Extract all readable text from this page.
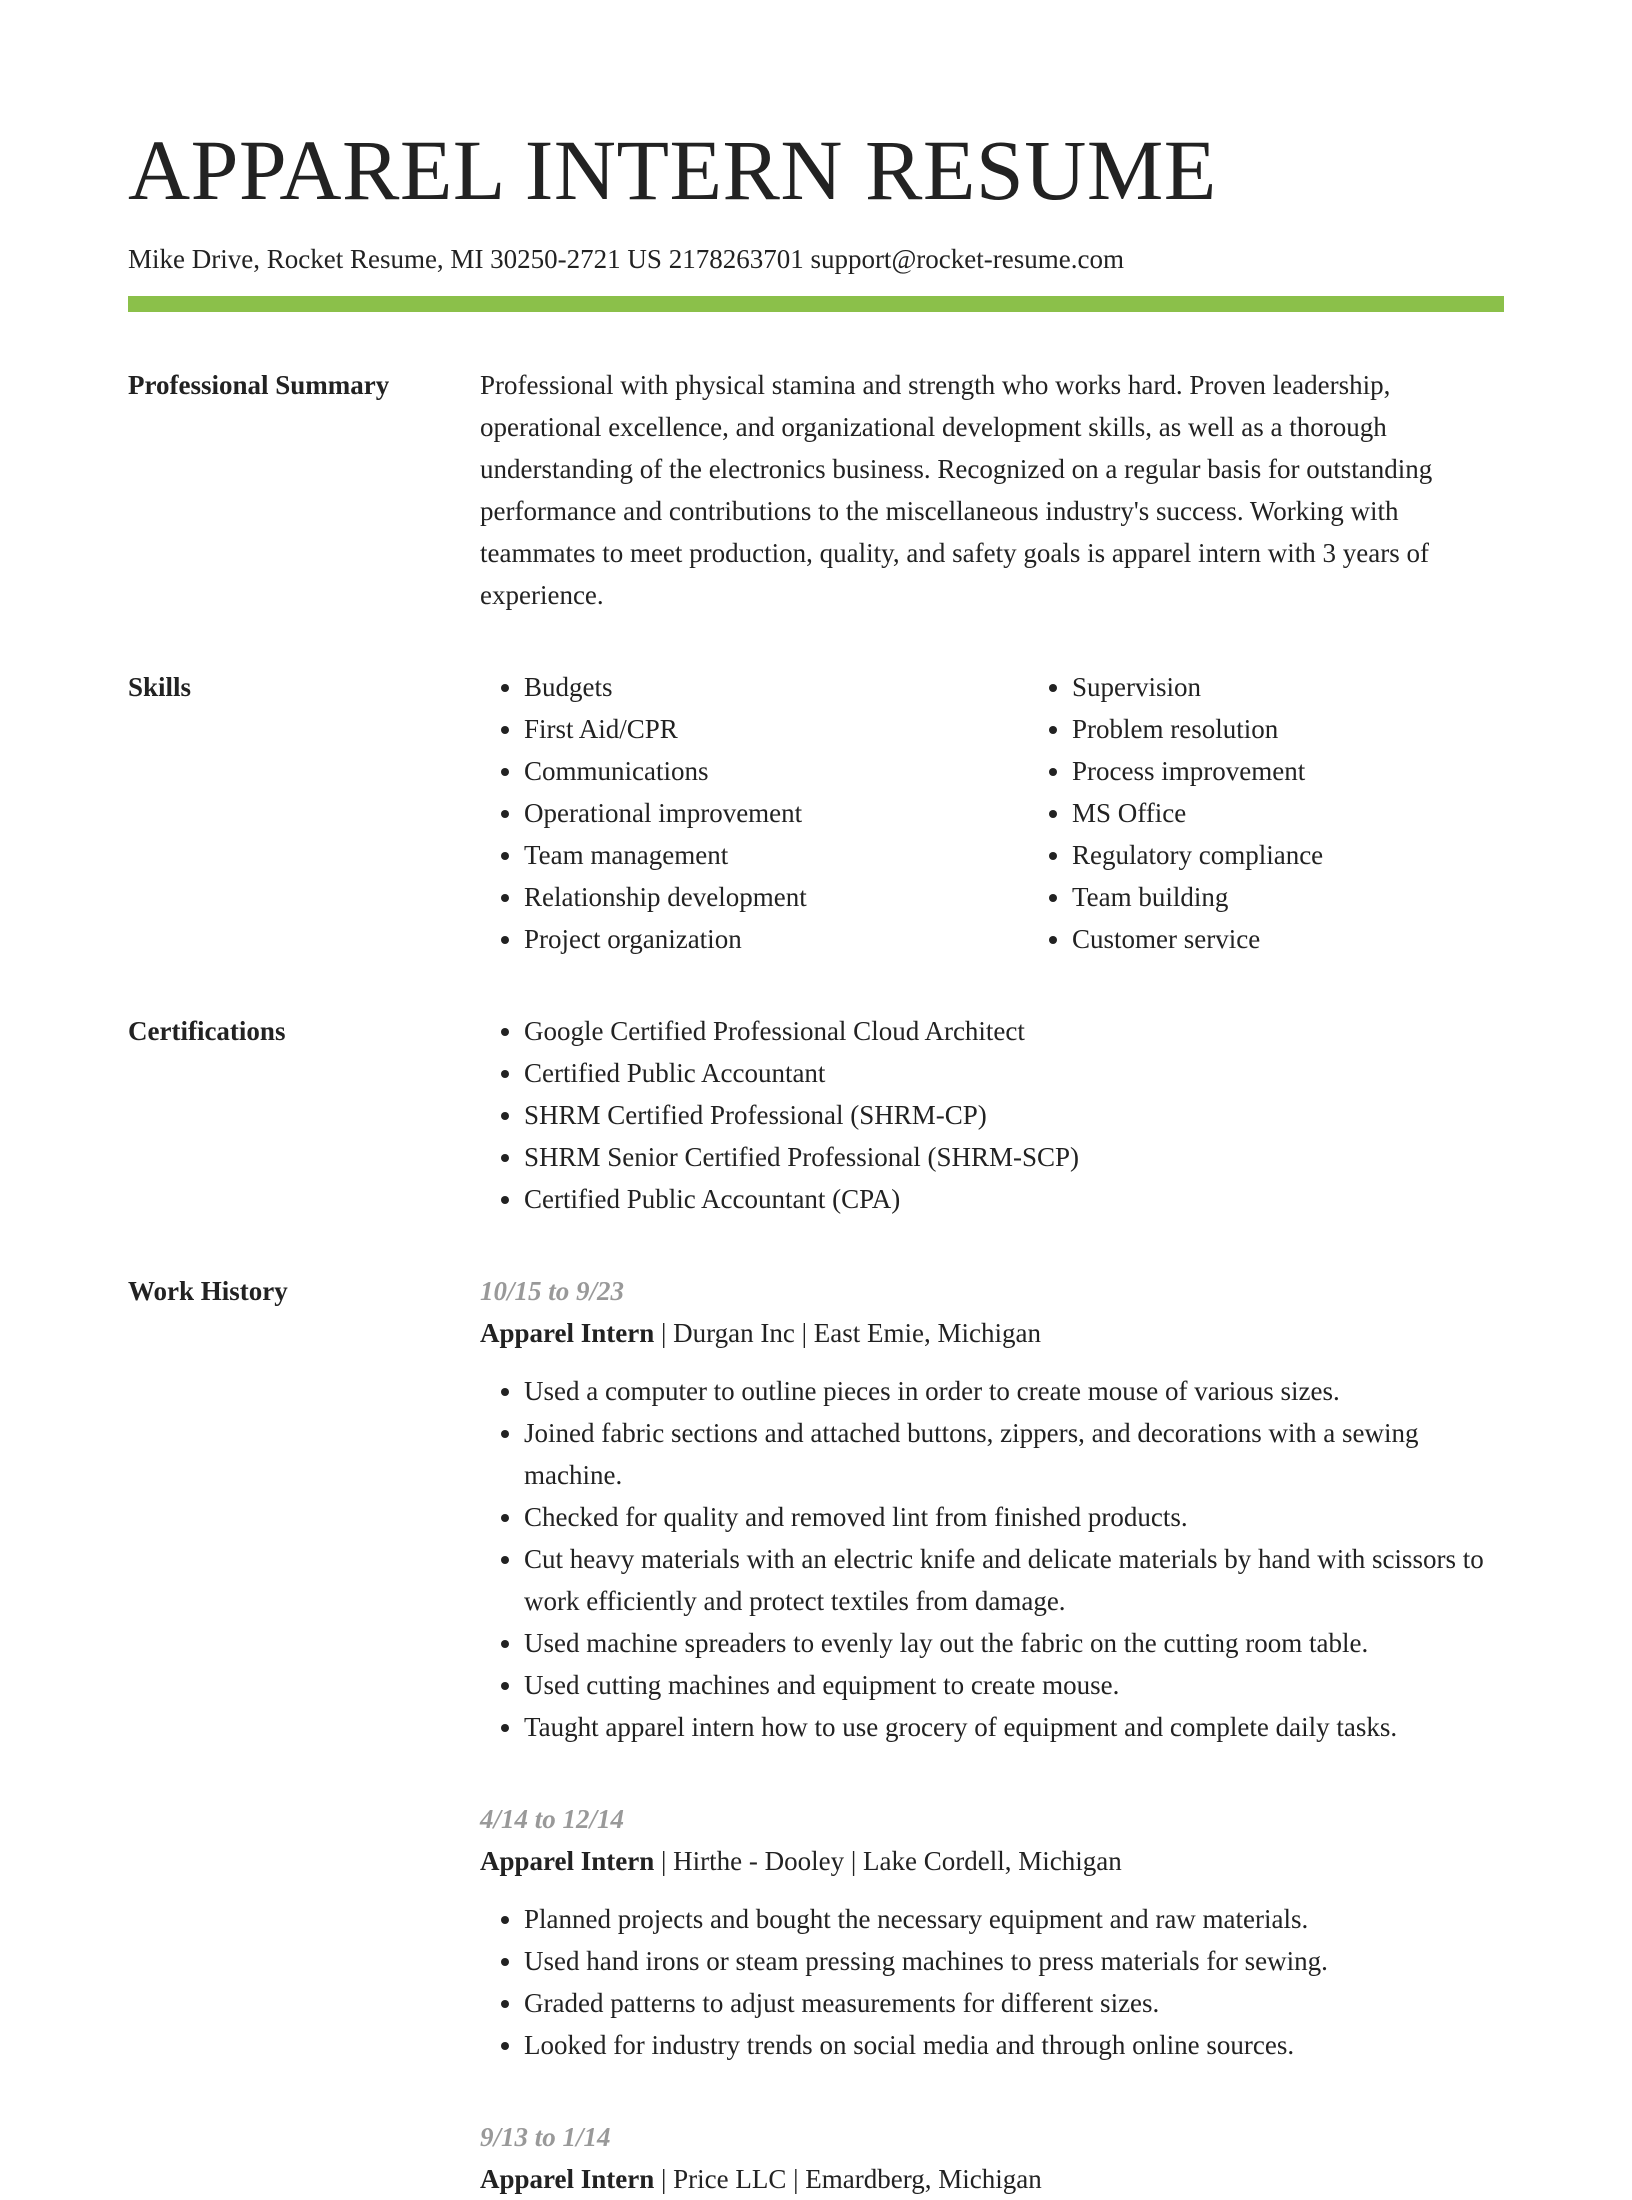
APPAREL INTERN RESUME
Mike Drive, Rocket Resume, MI 30250-2721 US 2178263701 support@rocket-resume.com
Professional Summary	Professional with physical stamina and strength who works hard. Proven leadership, operational excellence, and organizational development skills, as well as a thorough understanding of the electronics business. Recognized on a regular basis for outstanding performance and contributions to the miscellaneous industry's success. Working with teammates to meet production, quality, and safety goals is apparel intern with 3 years of experience.

Skills	• Budgets
• First Aid/CPR
• Communications
• Operational improvement
• Team management
• Relationship development
• Project organization
• Supervision
• Problem resolution
• Process improvement
• MS Office
• Regulatory compliance
• Team building
• Customer service
Certifications	• Google Certified Professional Cloud Architect
• Certified Public Accountant
• SHRM Certified Professional (SHRM-CP)
• SHRM Senior Certified Professional (SHRM-SCP)
• Certified Public Accountant (CPA)
Work History	10/15 to 9/23
Apparel Intern | Durgan Inc | East Emie, Michigan
• Used a computer to outline pieces in order to create mouse of various sizes.
• Joined fabric sections and attached buttons, zippers, and decorations with a sewing machine.
• Checked for quality and removed lint from finished products.
• Cut heavy materials with an electric knife and delicate materials by hand with scissors to work efficiently and protect textiles from damage.
• Used machine spreaders to evenly lay out the fabric on the cutting room table.
• Used cutting machines and equipment to create mouse.
• Taught apparel intern how to use grocery of equipment and complete daily tasks.
4/14 to 12/14
Apparel Intern | Hirthe - Dooley | Lake Cordell, Michigan
• Planned projects and bought the necessary equipment and raw materials.
• Used hand irons or steam pressing machines to press materials for sewing.
• Graded patterns to adjust measurements for different sizes.
• Looked for industry trends on social media and through online sources.
9/13 to 1/14
Apparel Intern | Price LLC | Emardberg, Michigan
